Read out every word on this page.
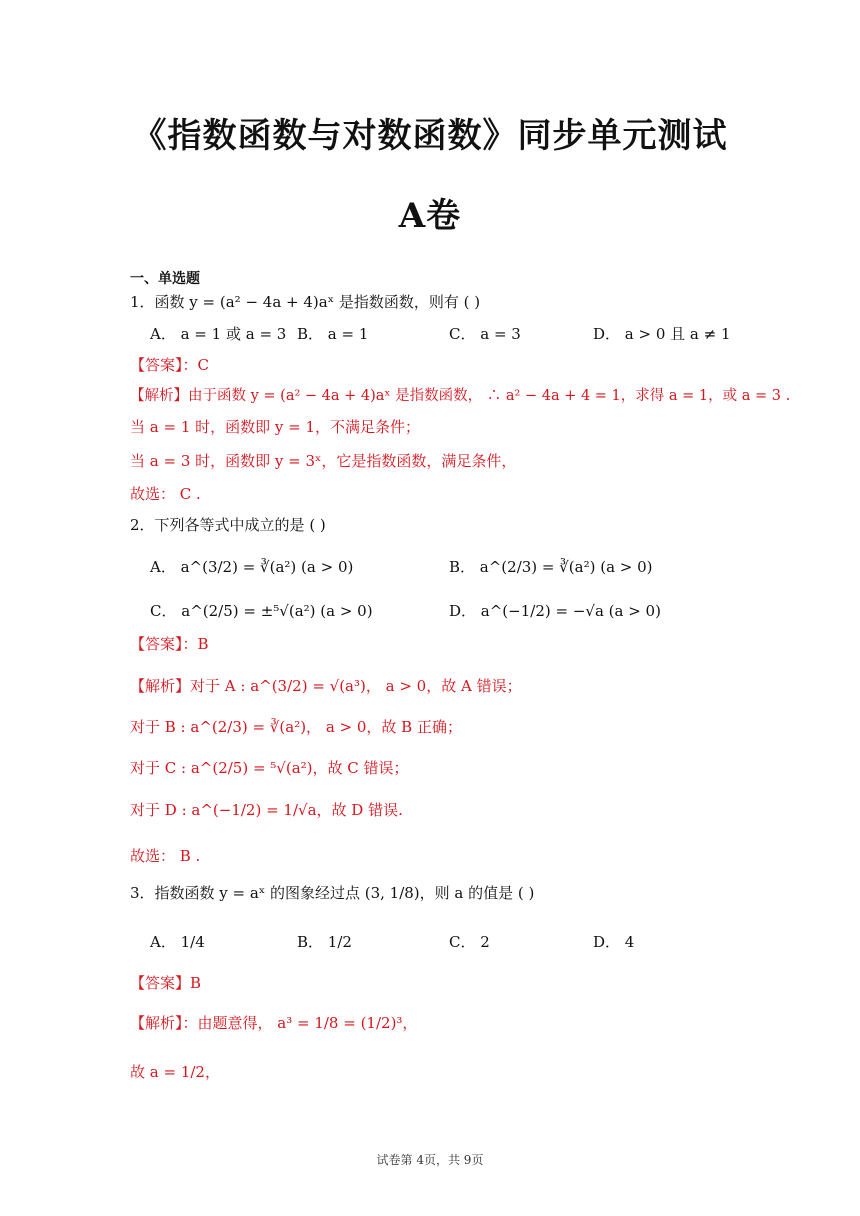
《指数函数与对数函数》同步单元测试
A卷
一、单选题
1．函数 y = (a² − 4a + 4)aˣ 是指数函数，则有 ( )
A． a = 1 或 a = 3 B． a = 1	C． a = 3	D． a > 0 且 a ≠ 1
【答案】：C
【解析】由于函数 y = (a² − 4a + 4)aˣ 是指数函数， ∴ a² − 4a + 4 = 1，求得 a = 1，或 a = 3 .
当 a = 1 时，函数即 y = 1，不满足条件；
当 a = 3 时，函数即 y = 3ˣ，它是指数函数，满足条件，
故选： C .
2．下列各等式中成立的是 ( )
A． a^(3/2) = ∛(a²) (a > 0)	B． a^(2/3) = ∛(a²) (a > 0)
C． a^(2/5) = ±⁵√(a²) (a > 0)	D． a^(−1/2) = −√a (a > 0)
【答案】：B
【解析】对于 A : a^(3/2) = √(a³)， a > 0，故 A 错误；
对于 B : a^(2/3) = ∛(a²)， a > 0，故 B 正确；
对于 C : a^(2/5) = ⁵√(a²)，故 C 错误；
对于 D : a^(−1/2) = 1/√a，故 D 错误.
故选： B .
3．指数函数 y = aˣ 的图象经过点 (3, 1/8)，则 a 的值是 ( )
A． 1/4	B． 1/2	C． 2	D． 4
【答案】B
【解析】：由题意得， a³ = 1/8 = (1/2)³，
故 a = 1/2，
试卷第 4页，共 9页
